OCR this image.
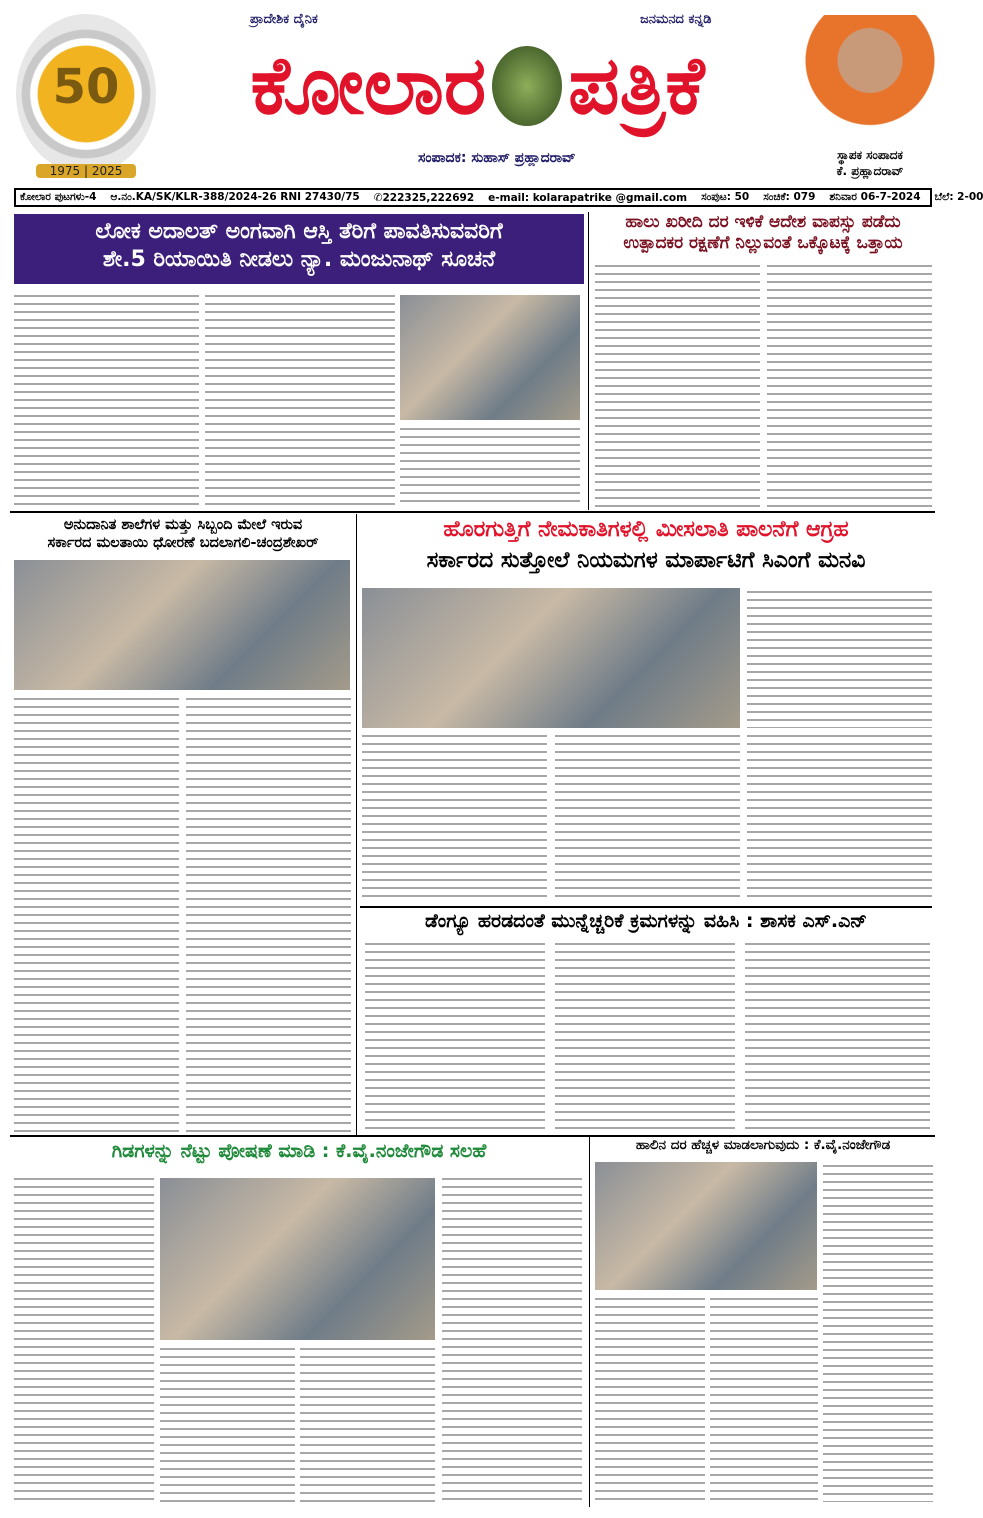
50
1975 | 2025
ಪ್ರಾದೇಶಿಕ ದೈನಿಕ	ಜನಮನದ ಕನ್ನಡಿ
ಕೋಲಾರ ಪತ್ರಿಕೆ
ಸಂಪಾದಕ: ಸುಹಾಸ್ ಪ್ರಹ್ಲಾದರಾವ್	ಸ್ಥಾಪಕ ಸಂಪಾದಕ
ಕೆ. ಪ್ರಹ್ಲಾದರಾವ್
ಕೋಲಾರ ಪುಟಗಳು-4 ಆ.ನಂ.KA/SK/KLR-388/2024-26 RNI 27430/75 ✆222325,222692 e-mail: kolarapatrike @gmail.com ಸಂಪುಟ: 50 ಸಂಚಿಕೆ: 079 ಶನಿವಾರ 06-7-2024 ಬೆಲೆ: 2-00
ಲೋಕ ಅದಾಲತ್ ಅಂಗವಾಗಿ ಆಸ್ತಿ ತೆರಿಗೆ ಪಾವತಿಸುವವರಿಗೆ
ಶೇ.5 ರಿಯಾಯಿತಿ ನೀಡಲು ನ್ಯಾ. ಮಂಜುನಾಥ್ ಸೂಚನೆ
ಹಾಲು ಖರೀದಿ ದರ ಇಳಿಕೆ ಆದೇಶ ವಾಪಸ್ಸು ಪಡೆದು
ಉತ್ಪಾದಕರ ರಕ್ಷಣೆಗೆ ನಿಲ್ಲುವಂತೆ ಒಕ್ಕೊಟಕ್ಕೆ ಒತ್ತಾಯ
ಅನುದಾನಿತ ಶಾಲೆಗಳ ಮತ್ತು ಸಿಬ್ಬಂದಿ ಮೇಲೆ ಇರುವ
ಸರ್ಕಾರದ ಮಲತಾಯಿ ಧೋರಣೆ ಬದಲಾಗಲಿ-ಚಂದ್ರಶೇಖರ್
ಹೊರಗುತ್ತಿಗೆ ನೇಮಕಾತಿಗಳಲ್ಲಿ ಮೀಸಲಾತಿ ಪಾಲನೆಗೆ ಆಗ್ರಹ
ಸರ್ಕಾರದ ಸುತ್ತೋಲೆ ನಿಯಮಗಳ ಮಾರ್ಪಾಟಿಗೆ ಸಿಎಂಗೆ ಮನವಿ
ಡೆಂಗ್ಯೂ ಹರಡದಂತೆ ಮುನ್ನೆಚ್ಚರಿಕೆ ಕ್ರಮಗಳನ್ನು ವಹಿಸಿ : ಶಾಸಕ ಎಸ್.ಎನ್
ಗಿಡಗಳನ್ನು ನೆಟ್ಟು ಪೋಷಣೆ ಮಾಡಿ : ಕೆ.ವೈ.ನಂಜೇಗೌಡ ಸಲಹೆ	ಹಾಲಿನ ದರ ಹೆಚ್ಚಳ ಮಾಡಲಾಗುವುದು : ಕೆ.ವೈ.ನಂಜೇಗೌಡ
